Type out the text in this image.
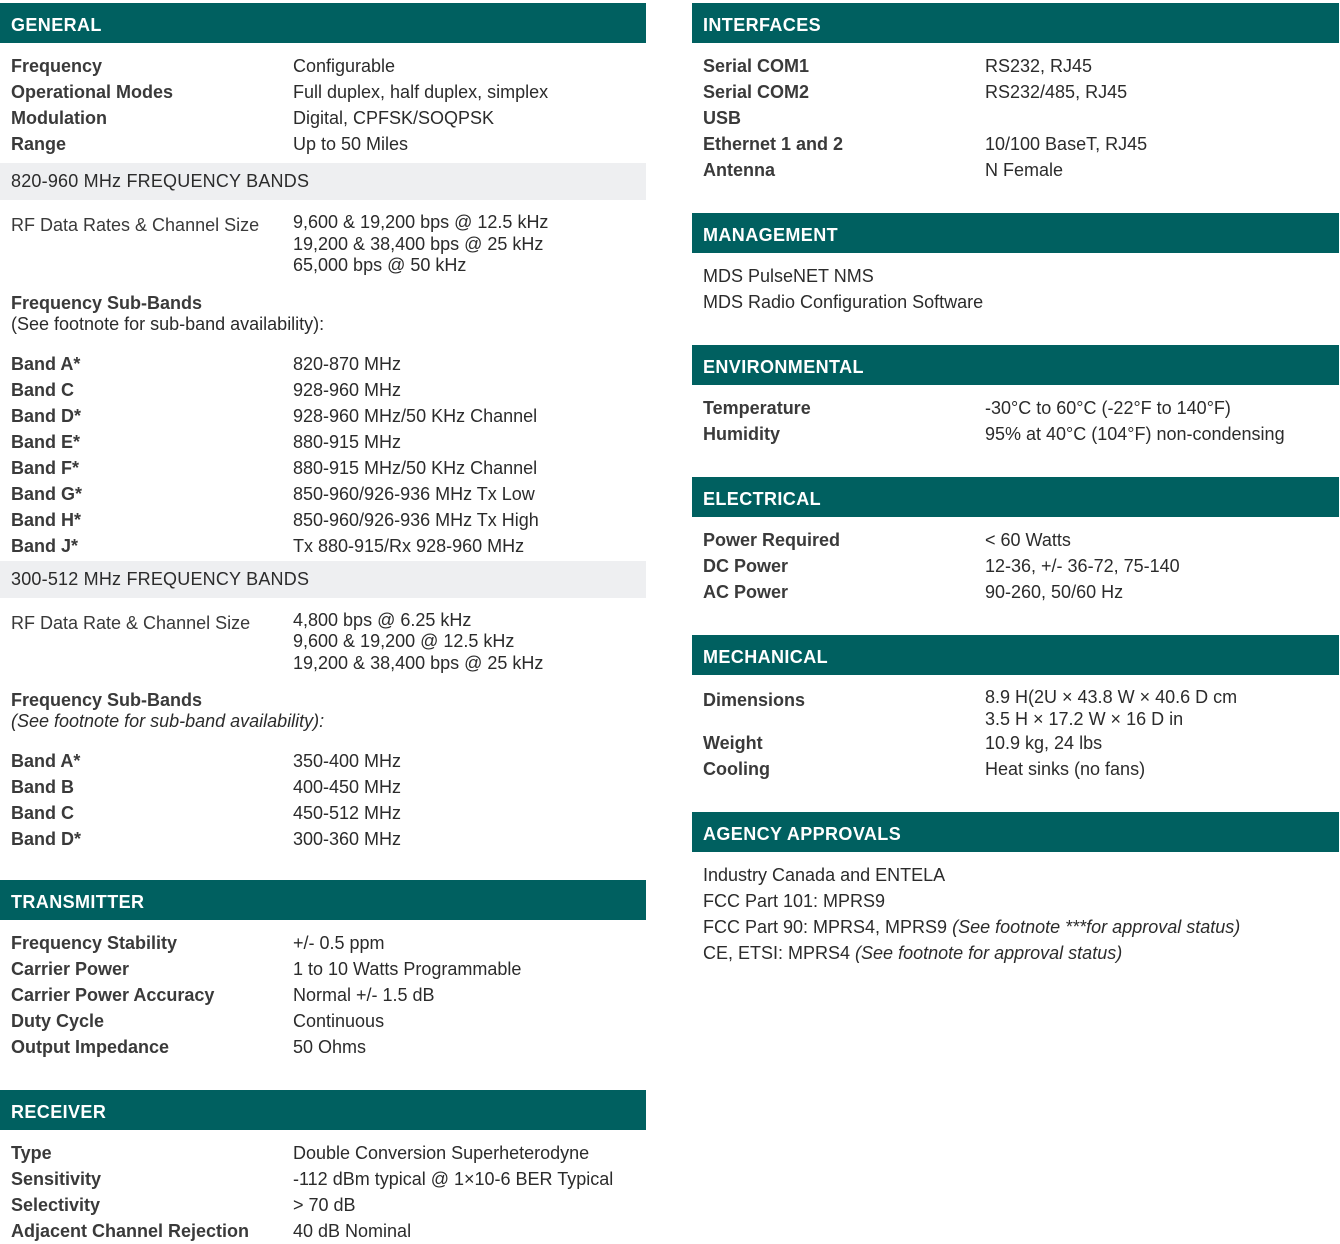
GENERAL
Frequency	Configurable
Operational Modes	Full duplex, half duplex, simplex
Modulation	Digital, CPFSK/SOQPSK
Range	Up to 50 Miles
820-960 MHz FREQUENCY BANDS
RF Data Rates & Channel Size	9,600 & 19,200 bps @ 12.5 kHz
19,200 & 38,400 bps @ 25 kHz
65,000 bps @ 50 kHz
Frequency Sub-Bands
(See footnote for sub-band availability):
Band A*	820-870 MHz
Band C	928-960 MHz
Band D*	928-960 MHz/50 KHz Channel
Band E*	880-915 MHz
Band F*	880-915 MHz/50 KHz Channel
Band G*	850-960/926-936 MHz Tx Low
Band H*	850-960/926-936 MHz Tx High
Band J*	Tx 880-915/Rx 928-960 MHz
300-512 MHz FREQUENCY BANDS
RF Data Rate & Channel Size	4,800 bps @ 6.25 kHz
9,600 & 19,200 @ 12.5 kHz
19,200 & 38,400 bps @ 25 kHz
Frequency Sub-Bands
(See footnote for sub-band availability):
Band A*	350-400 MHz
Band B	400-450 MHz
Band C	450-512 MHz
Band D*	300-360 MHz
TRANSMITTER
Frequency Stability	+/- 0.5 ppm
Carrier Power	1 to 10 Watts Programmable
Carrier Power Accuracy	Normal +/- 1.5 dB
Duty Cycle	Continuous
Output Impedance	50 Ohms
RECEIVER
Type	Double Conversion Superheterodyne
Sensitivity	-112 dBm typical @ 1×10-6 BER Typical
Selectivity	> 70 dB
Adjacent Channel Rejection	40 dB Nominal
INTERFACES
Serial COM1	RS232, RJ45
Serial COM2	RS232/485, RJ45
USB
Ethernet 1 and 2	10/100 BaseT, RJ45
Antenna	N Female
MANAGEMENT
MDS PulseNET NMS
MDS Radio Configuration Software
ENVIRONMENTAL
Temperature	-30°C to 60°C (-22°F to 140°F)
Humidity	95% at 40°C (104°F) non-condensing
ELECTRICAL
Power Required	< 60 Watts
DC Power	12-36, +/- 36-72, 75-140
AC Power	90-260, 50/60 Hz
MECHANICAL
Dimensions	8.9 H(2U × 43.8 W × 40.6 D cm
3.5 H × 17.2 W × 16 D in
Weight	10.9 kg, 24 lbs
Cooling	Heat sinks (no fans)
AGENCY APPROVALS
Industry Canada and ENTELA
FCC Part 101: MPRS9
FCC Part 90: MPRS4, MPRS9 (See footnote ***for approval status)
CE, ETSI: MPRS4 (See footnote for approval status)
